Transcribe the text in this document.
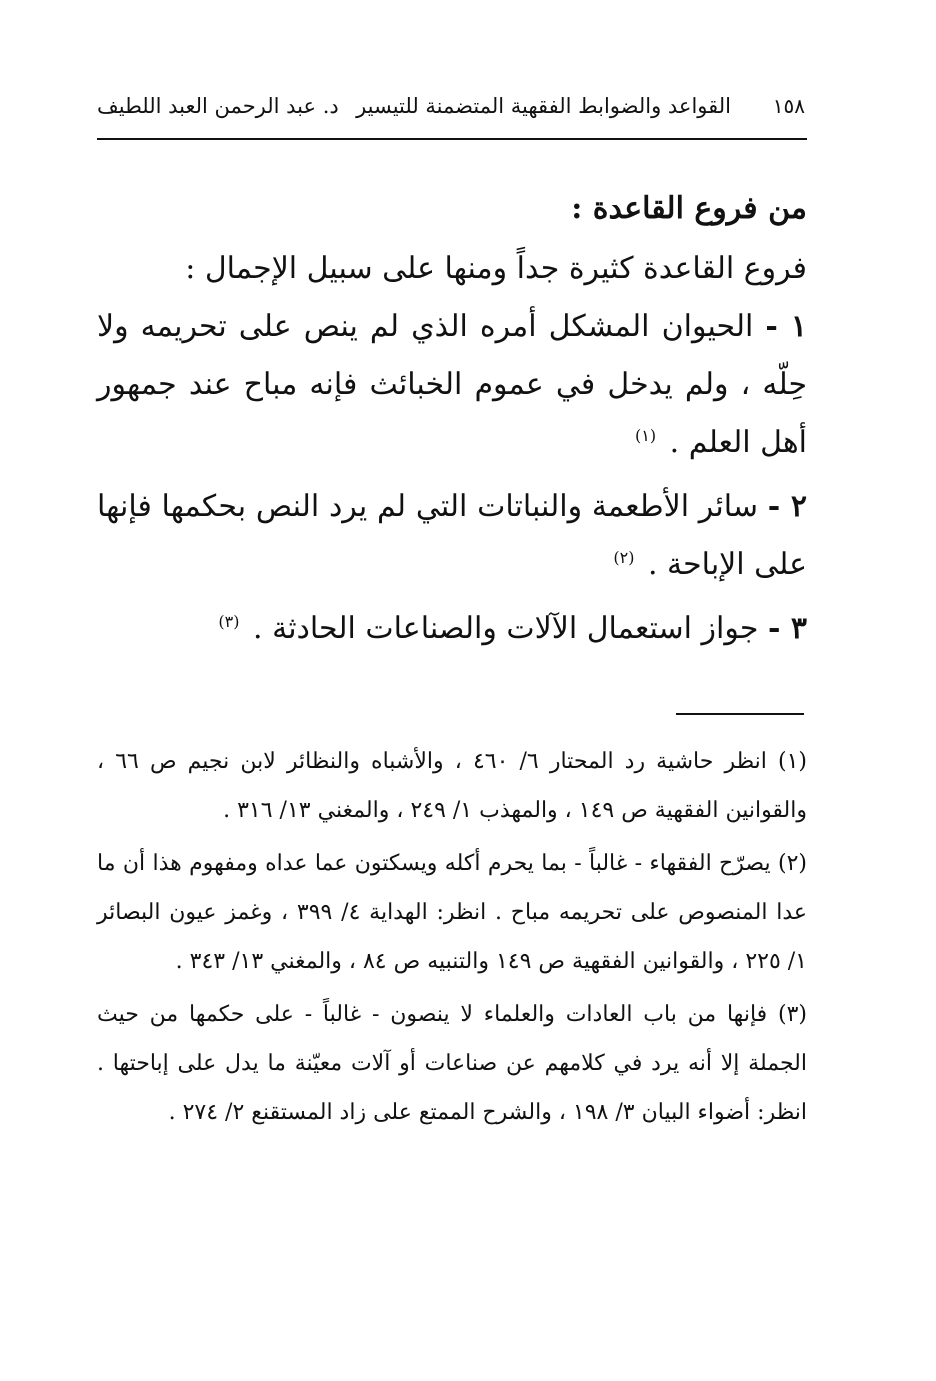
١٥٨
القواعد والضوابط الفقهية المتضمنة للتيسير
د. عبد الرحمن العبد اللطيف

من فروع القاعدة :

فروع القاعدة كثيرة جداً ومنها على سبيل الإجمال :

١ - الحيوان المشكل أمره الذي لم ينص على تحريمه ولا حِلّه ، ولم يدخل في عموم الخبائث فإنه مباح عند جمهور أهل العلم . $^{(١)}$

٢ - سائر الأطعمة والنباتات التي لم يرد النص بحكمها فإنها على الإباحة . $^{(٢)}$

٣ - جواز استعمال الآلات والصناعات الحادثة . $^{(٣)}$

(١) انظر حاشية رد المحتار ٦/ ٤٦٠ ، والأشباه والنظائر لابن نجيم ص ٦٦ ، والقوانين الفقهية ص ١٤٩ ، والمهذب ١/ ٢٤٩ ، والمغني ١٣/ ٣١٦ .

(٢) يصرّح الفقهاء - غالباً - بما يحرم أكله ويسكتون عما عداه ومفهوم هذا أن ما عدا المنصوص على تحريمه مباح . انظر: الهداية ٤/ ٣٩٩ ، وغمز عيون البصائر ١/ ٢٢٥ ، والقوانين الفقهية ص ١٤٩ والتنبيه ص ٨٤ ، والمغني ١٣/ ٣٤٣ .

(٣) فإنها من باب العادات والعلماء لا ينصون - غالباً - على حكمها من حيث الجملة إلا أنه يرد في كلامهم عن صناعات أو آلات معيّنة ما يدل على إباحتها . انظر: أضواء البيان ٣/ ١٩٨ ، والشرح الممتع على زاد المستقنع ٢/ ٢٧٤ .
